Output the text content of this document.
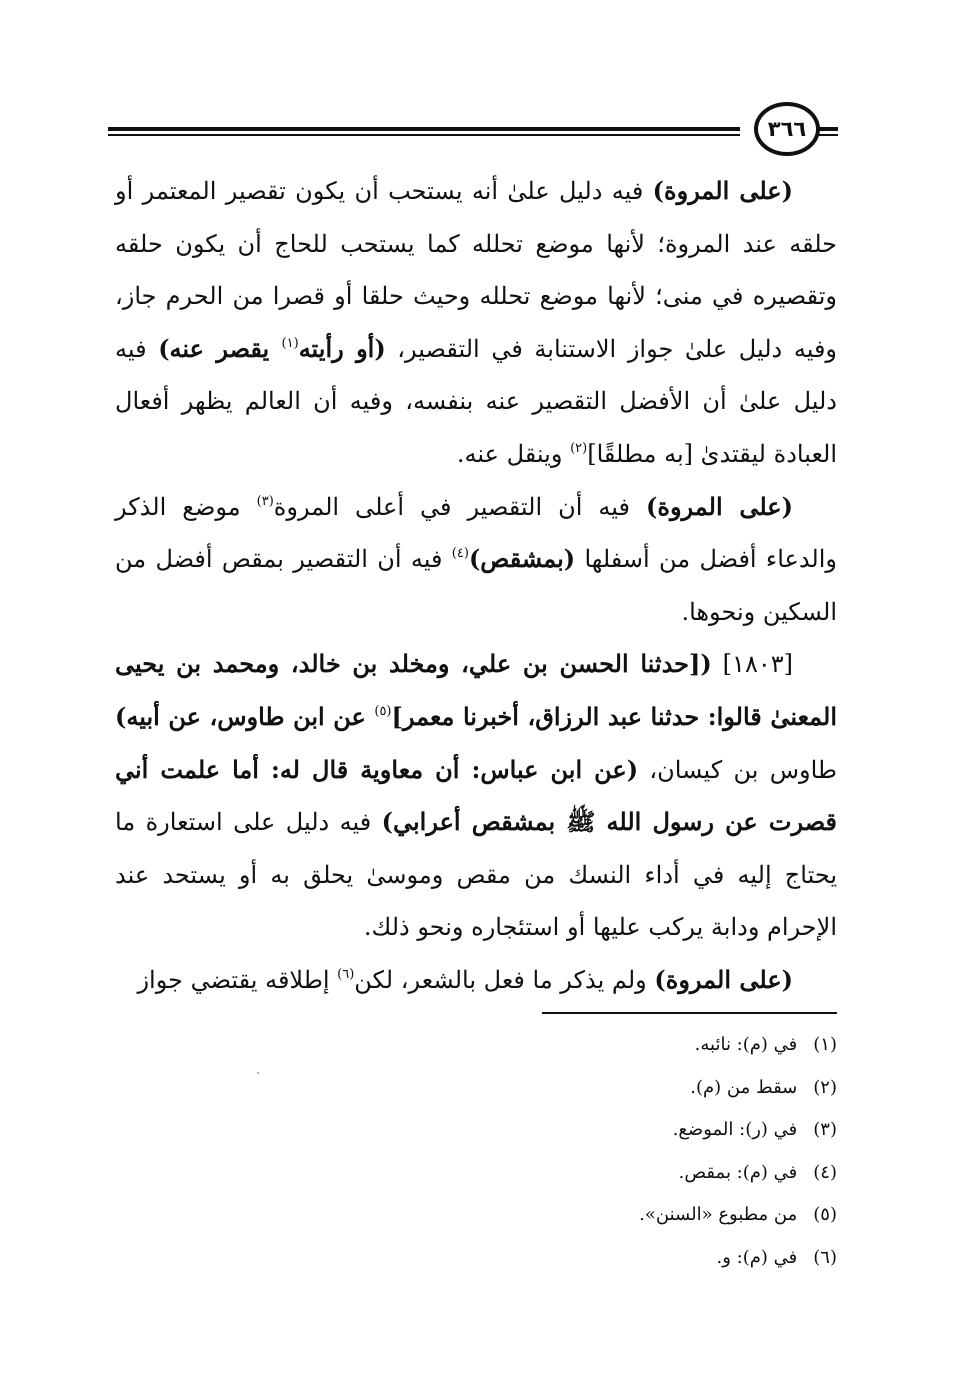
٣٦٦

(على المروة) فيه دليل علىٰ أنه يستحب أن يكون تقصير المعتمر أو حلقه عند المروة؛ لأنها موضع تحلله كما يستحب للحاج أن يكون حلقه وتقصيره في منى؛ لأنها موضع تحلله وحيث حلقا أو قصرا من الحرم جاز، وفيه دليل علىٰ جواز الاستنابة في التقصير، (أو رأيته$^{(١)}$ يقصر عنه) فيه دليل علىٰ أن الأفضل التقصير عنه بنفسه، وفيه أن العالم يظهر أفعال العبادة ليقتدىٰ [به مطلقًا]$^{(٢)}$ وينقل عنه.

(على المروة) فيه أن التقصير في أعلى المروة$^{(٣)}$ موضع الذكر والدعاء أفضل من أسفلها (بمشقص)$^{(٤)}$ فيه أن التقصير بمقص أفضل من السكين ونحوها.

[١٨٠٣] ([حدثنا الحسن بن علي، ومخلد بن خالد، ومحمد بن يحيى المعنىٰ قالوا: حدثنا عبد الرزاق، أخبرنا معمر]$^{(٥)}$ عن ابن طاوس، عن أبيه) طاوس بن كيسان، (عن ابن عباس: أن معاوية قال له: أما علمت أني قصرت عن رسول الله ﷺ بمشقص أعرابي) فيه دليل على استعارة ما يحتاج إليه في أداء النسك من مقص وموسىٰ يحلق به أو يستحد عند الإحرام ودابة يركب عليها أو استئجاره ونحو ذلك.

(على المروة) ولم يذكر ما فعل بالشعر، لكن$^{(٦)}$ إطلاقه يقتضي جواز

(١) في (م): نائبه.
(٢) سقط من (م).
(٣) في (ر): الموضع.
(٤) في (م): بمقص.
(٥) من مطبوع «السنن».
(٦) في (م): و.
